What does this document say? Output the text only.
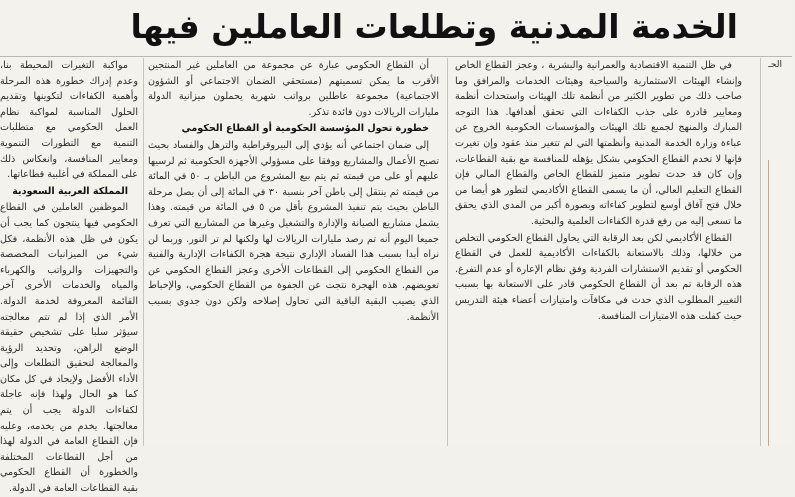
الخدمة المدنية وتطلعات العاملين فيها

في ظل التنمية الاقتصادية والعمرانية والبشرية ، وعجز القطاع الخاص وإنشاء الهيئات الاستثمارية والسياحية وهيئات الخدمات والمرافق وما صاحب ذلك من تطوير الكثير من أنظمة تلك الهيئات واستحداث أنظمة ومعايير قادرة على جذب الكفاءات التي تحقق أهدافها. هذا التوجه المبارك والمنهج لجميع تلك الهيئات والمؤسسات الحكومية الخروج عن عباءة وزارة الخدمة المدنية وأنظمتها التي لم تتغير منذ عقود وإن تغيرت فإنها لا تخدم القطاع الحكومي بشكل يؤهله للمنافسة مع بقية القطاعات، وإن كان قد حدث تطوير متميز للقطاع الخاص والقطاع المالي فإن القطاع التعليم العالي، أن ما يسمى القطاع الأكاديمي لتطور هو أيضا من خلال فتح آفاق أوسع لتطوير كفاءاته وبصورة أكبر من المدى الذي يحقق ما تسعى إليه من رفع قدرة الكفاءات العلمية والبحثية.

القطاع الأكاديمي لكن بعد الرقابة التي يحاول القطاع الحكومي التخلص من خلالها، وذلك بالاستعانة بالكفاءات الأكاديمية للعمل في القطاع الحكومي أو تقديم الاستشارات الفردية وفق نظام الإعارة أو عدم التفرغ. هذه الرقابة تم بعد أن القطاع الحكومي قادر على الاستعانة بها بسبب التغيير المطلوب الذي حدث في مكافآت وامتيازات أعضاء هيئة التدريس حيث كفلت هذه الامتيازات المنافسة.

أن القطاع الحكومي عبارة عن مجموعة من العاملين غير المنتجين الأقرب ما يمكن تسميتهم (مستحقي الضمان الاجتماعي أو الشؤون الاجتماعية) مجموعة عاطلين برواتب شهرية يحملون ميزانية الدولة مليارات الريالات دون فائدة تذكر.

خطورة تحول المؤسسة الحكومية أو القطاع الحكومي

إلى ضمان اجتماعي أنه يؤدي إلى البيروقراطية والترهل والفساد بحيث تصبح الأعمال والمشاريع ووفقا على مسؤولي الأجهزة الحكومية ثم لرسيها عليهم أو على من قيمته ثم يتم بيع المشروع من الباطن بـ ٥٠ في المائة من قيمته ثم ينتقل إلى باطن آخر بنسبة ٣٠ في المائة إلى أن يصل مرحلة الباطن بحيث يتم تنفيذ المشروع بأقل من ٥ في المائة من قيمته. وهذا يشمل مشاريع الصيانة والإدارة والتشغيل وغيرها من المشاريع التي تعرف جميعا اليوم أنه تم رصد مليارات الريالات لها ولكنها لم تر النور. وربما لن نراه أبدا بسبب هذا الفساد الإداري نتيجة هجرة الكفاءات الإدارية والفنية من القطاع الحكومي إلى القطاعات الأخرى وعجز القطاع الحكومي عن تعويضهم. هذه الهجرة نتجت عن الجفوة من القطاع الحكومي، والإحباط الذي يصيب البقية الباقية التي تحاول إصلاحه ولكن دون جدوى بسبب الأنظمة.

مواكبة التغيرات المحيطة بنا، وعدم إدراك خطورة هذه المرحلة وأهمية الكفاءات لتكوينها وتقديم الحلول المناسبة لمواكبة نظام العمل الحكومي مع متطلبات التنمية مع التطورات التنموية ومعايير المنافسة، وانعكاس ذلك على المملكة في أغلبية قطاعاتها.

المملكة العربية السعودية

الموظفين العاملين في القطاع الحكومي فيها ينتجون كما يجب أن يكون في ظل هذه الأنظمة، فكل شيء من الميزانيات المخصصة والتجهيزات والرواتب والكهرباء والمياه والخدمات الأخرى آخر القائمة المعروفة لخدمة الدولة. الأمر الذي إذا لم تتم معالجته سيؤثر سلبا على تشخيص حقيقة الوضع الراهن، وتحديد الرؤية والمعالجة لتحقيق التطلعات وإلى الأداء الأفضل ولإيجاد في كل مكان كما هو الحال ولهذا فإنه عاجلة لكفاءات الدولة يجب أن يتم معالجتها. يخدم من يخدمه، وعليه فإن القطاع العامة في الدولة لهذا من أجل القطاعات المختلفة والخطورة أن القطاع الحكومي بقية القطاعات العامة في الدولة.

الحـ
